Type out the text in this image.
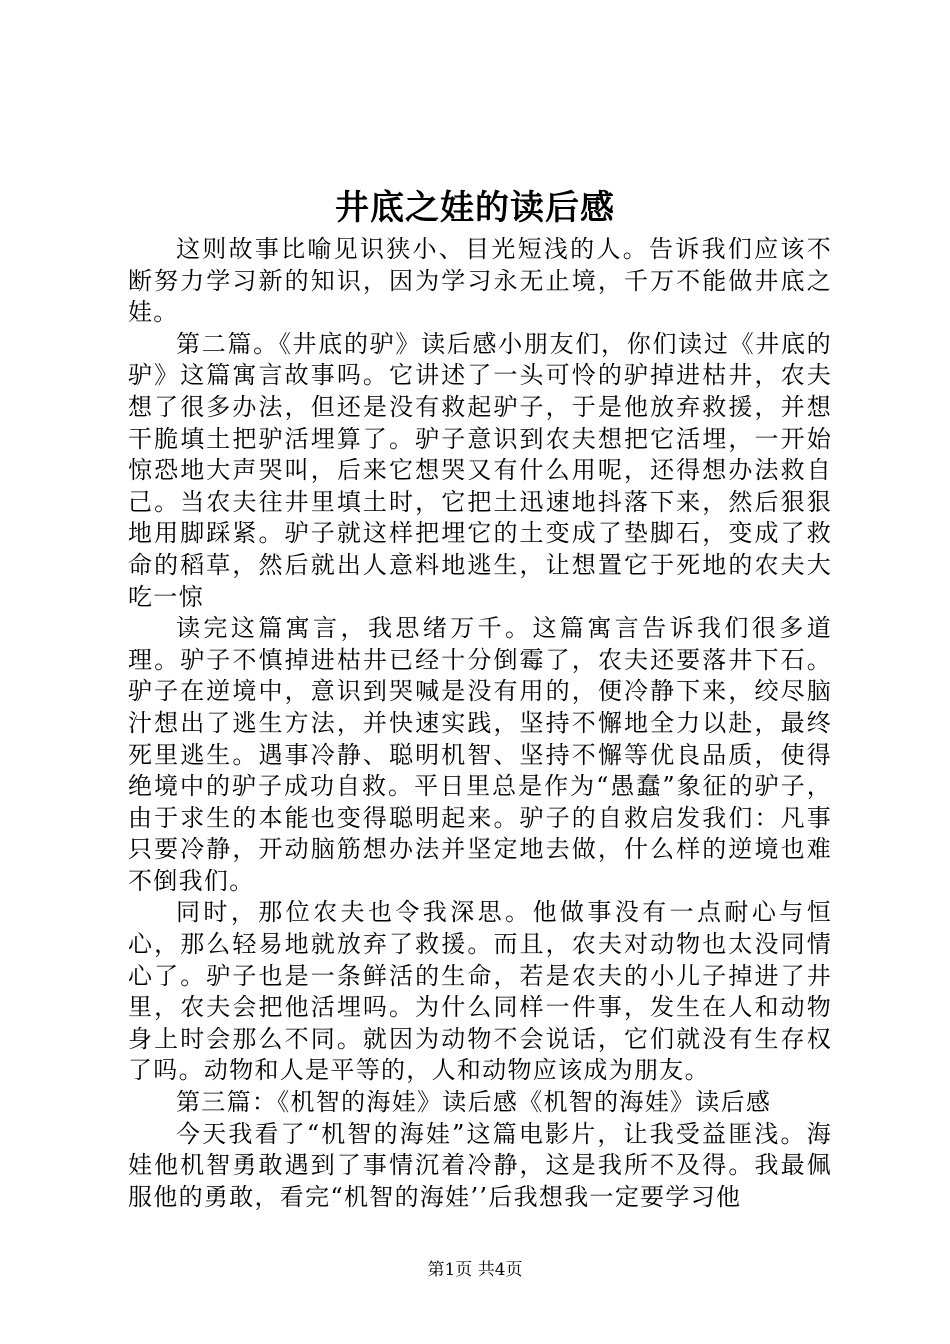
井底之娃的读后感

这则故事比喻见识狭小、目光短浅的人。告诉我们应该不断努力学习新的知识，因为学习永无止境，千万不能做井底之娃。

第二篇。《井底的驴》读后感小朋友们，你们读过《井底的驴》这篇寓言故事吗。它讲述了一头可怜的驴掉进枯井，农夫想了很多办法，但还是没有救起驴子，于是他放弃救援，并想干脆填土把驴活埋算了。驴子意识到农夫想把它活埋，一开始惊恐地大声哭叫，后来它想哭又有什么用呢，还得想办法救自己。当农夫往井里填土时，它把土迅速地抖落下来，然后狠狠地用脚踩紧。驴子就这样把埋它的土变成了垫脚石，变成了救命的稻草，然后就出人意料地逃生，让想置它于死地的农夫大吃一惊

读完这篇寓言，我思绪万千。这篇寓言告诉我们很多道理。驴子不慎掉进枯井已经十分倒霉了，农夫还要落井下石。驴子在逆境中，意识到哭喊是没有用的，便冷静下来，绞尽脑汁想出了逃生方法，并快速实践，坚持不懈地全力以赴，最终死里逃生。遇事冷静、聪明机智、坚持不懈等优良品质，使得绝境中的驴子成功自救。平日里总是作为“愚蠢”象征的驴子，由于求生的本能也变得聪明起来。驴子的自救启发我们：凡事只要冷静，开动脑筋想办法并坚定地去做，什么样的逆境也难不倒我们。

同时，那位农夫也令我深思。他做事没有一点耐心与恒心，那么轻易地就放弃了救援。而且，农夫对动物也太没同情心了。驴子也是一条鲜活的生命，若是农夫的小儿子掉进了井里，农夫会把他活埋吗。为什么同样一件事，发生在人和动物身上时会那么不同。就因为动物不会说话，它们就没有生存权了吗。动物和人是平等的，人和动物应该成为朋友。

第三篇：《机智的海娃》读后感《机智的海娃》读后感

今天我看了“机智的海娃”这篇电影片，让我受益匪浅。海娃他机智勇敢遇到了事情沉着冷静，这是我所不及得。我最佩服他的勇敢，看完“机智的海娃’’后我想我一定要学习他

第1页 共4页
